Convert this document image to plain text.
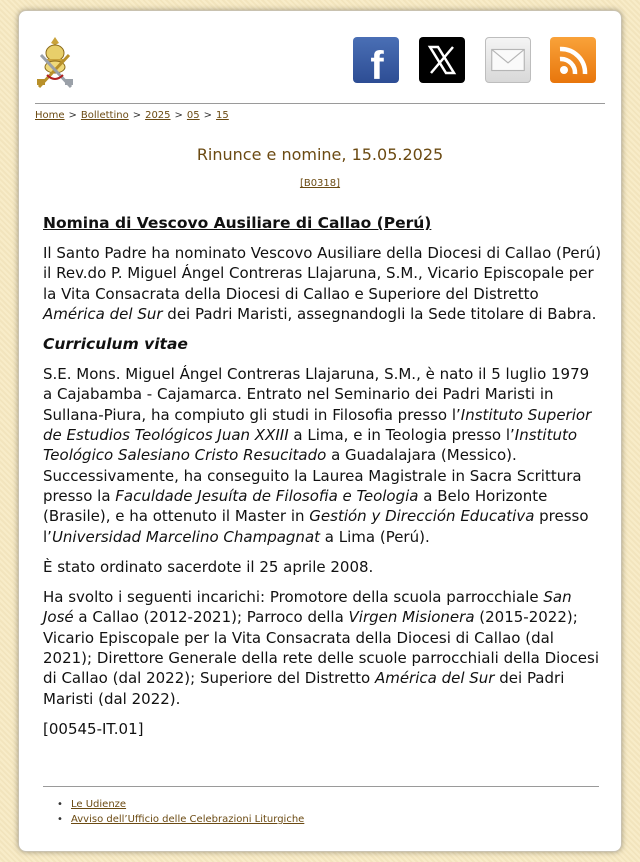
f
Home > Bollettino > 2025 > 05 > 15
Rinunce e nomine, 15.05.2025
[B0318]
Nomina di Vescovo Ausiliare di Callao (Perú)

Il Santo Padre ha nominato Vescovo Ausiliare della Diocesi di Callao (Perú) il Rev.do P. Miguel Ángel Contreras Llajaruna, S.M., Vicario Episcopale per la Vita Consacrata della Diocesi di Callao e Superiore del Distretto América del Sur dei Padri Maristi, assegnandogli la Sede titolare di Babra.

Curriculum vitae

S.E. Mons. Miguel Ángel Contreras Llajaruna, S.M., è nato il 5 luglio 1979 a Cajabamba - Cajamarca. Entrato nel Seminario dei Padri Maristi in Sullana-Piura, ha compiuto gli studi in Filosofia presso l’Instituto Superior de Estudios Teológicos Juan XXIII a Lima, e in Teologia presso l’Instituto Teológico Salesiano Cristo Resucitado a Guadalajara (Messico). Successivamente, ha conseguito la Laurea Magistrale in Sacra Scrittura presso la Faculdade Jesuíta de Filosofia e Teologia a Belo Horizonte (Brasile), e ha ottenuto il Master in Gestión y Dirección Educativa presso l’Universidad Marcelino Champagnat a Lima (Perú).

È stato ordinato sacerdote il 25 aprile 2008.

Ha svolto i seguenti incarichi: Promotore della scuola parrocchiale San José a Callao (2012-2021); Parroco della Virgen Misionera (2015-2022); Vicario Episcopale per la Vita Consacrata della Diocesi di Callao (dal 2021); Direttore Generale della rete delle scuole parrocchiali della Diocesi di Callao (dal 2022); Superiore del Distretto América del Sur dei Padri Maristi (dal 2022).

[00545-IT.01]

• Le Udienze
• Avviso dell’Ufficio delle Celebrazioni Liturgiche
